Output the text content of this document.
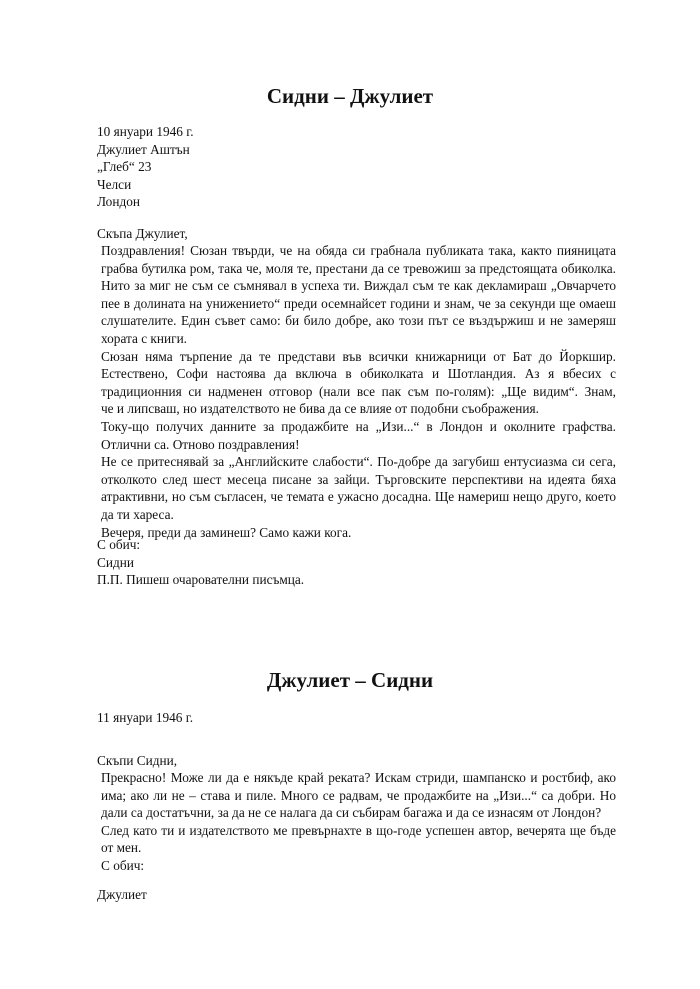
Сидни – Джулиет

10 януари 1946 г.

Джулиет Аштън

„Глеб“ 23

Челси

Лондон

Скъпа Джулиет,

Поздравления! Сюзан твърди, че на обяда си грабнала публиката така, както пияницата
грабва бутилка ром, така че, моля те, престани да се тревожиш за предстоящата обиколка.
Нито за миг не съм се съмнявал в успеха ти. Виждал съм те как декламираш „Овчарчето
пее в долината на унижението“ преди осемнайсет години и знам, че за секунди ще омаеш
слушателите. Един съвет само: би било добре, ако този път се въздържиш и не замеряш
хората с книги.

Сюзан няма търпение да те представи във всички книжарници от Бат до Йоркшир.
Естествено, Софи настоява да включа в обиколката и Шотландия. Аз я вбесих с
традиционния си надменен отговор (нали все пак съм по-голям): „Ще видим“. Знам,
че и липсваш, но издателството не бива да се влияе от подобни съображения.

Току-що получих данните за продажбите на „Изи...“ в Лондон и околните графства.
Отлични са. Отново поздравления!

Не се притеснявай за „Английските слабости“. По-добре да загубиш ентусиазма си сега,
отколкото след шест месеца писане за зайци. Търговските перспективи на идеята бяха
атрактивни, но съм съгласен, че темата е ужасно досадна. Ще намериш нещо друго, което
да ти хареса.

Вечеря, преди да заминеш? Само кажи кога.

С обич:

Сидни

П.П. Пишеш очарователни писъмца.

Джулиет – Сидни

11 януари 1946 г.

Скъпи Сидни,

Прекрасно! Може ли да е някъде край реката? Искам стриди, шампанско и ростбиф, ако
има; ако ли не – става и пиле. Много се радвам, че продажбите на „Изи...“ са добри. Но
дали са достатъчни, за да не се налага да си събирам багажа и да се изнасям от Лондон?

След като ти и издателството ме превърнахте в що-годе успешен автор, вечерята ще бъде
от мен.

С обич:

Джулиет
